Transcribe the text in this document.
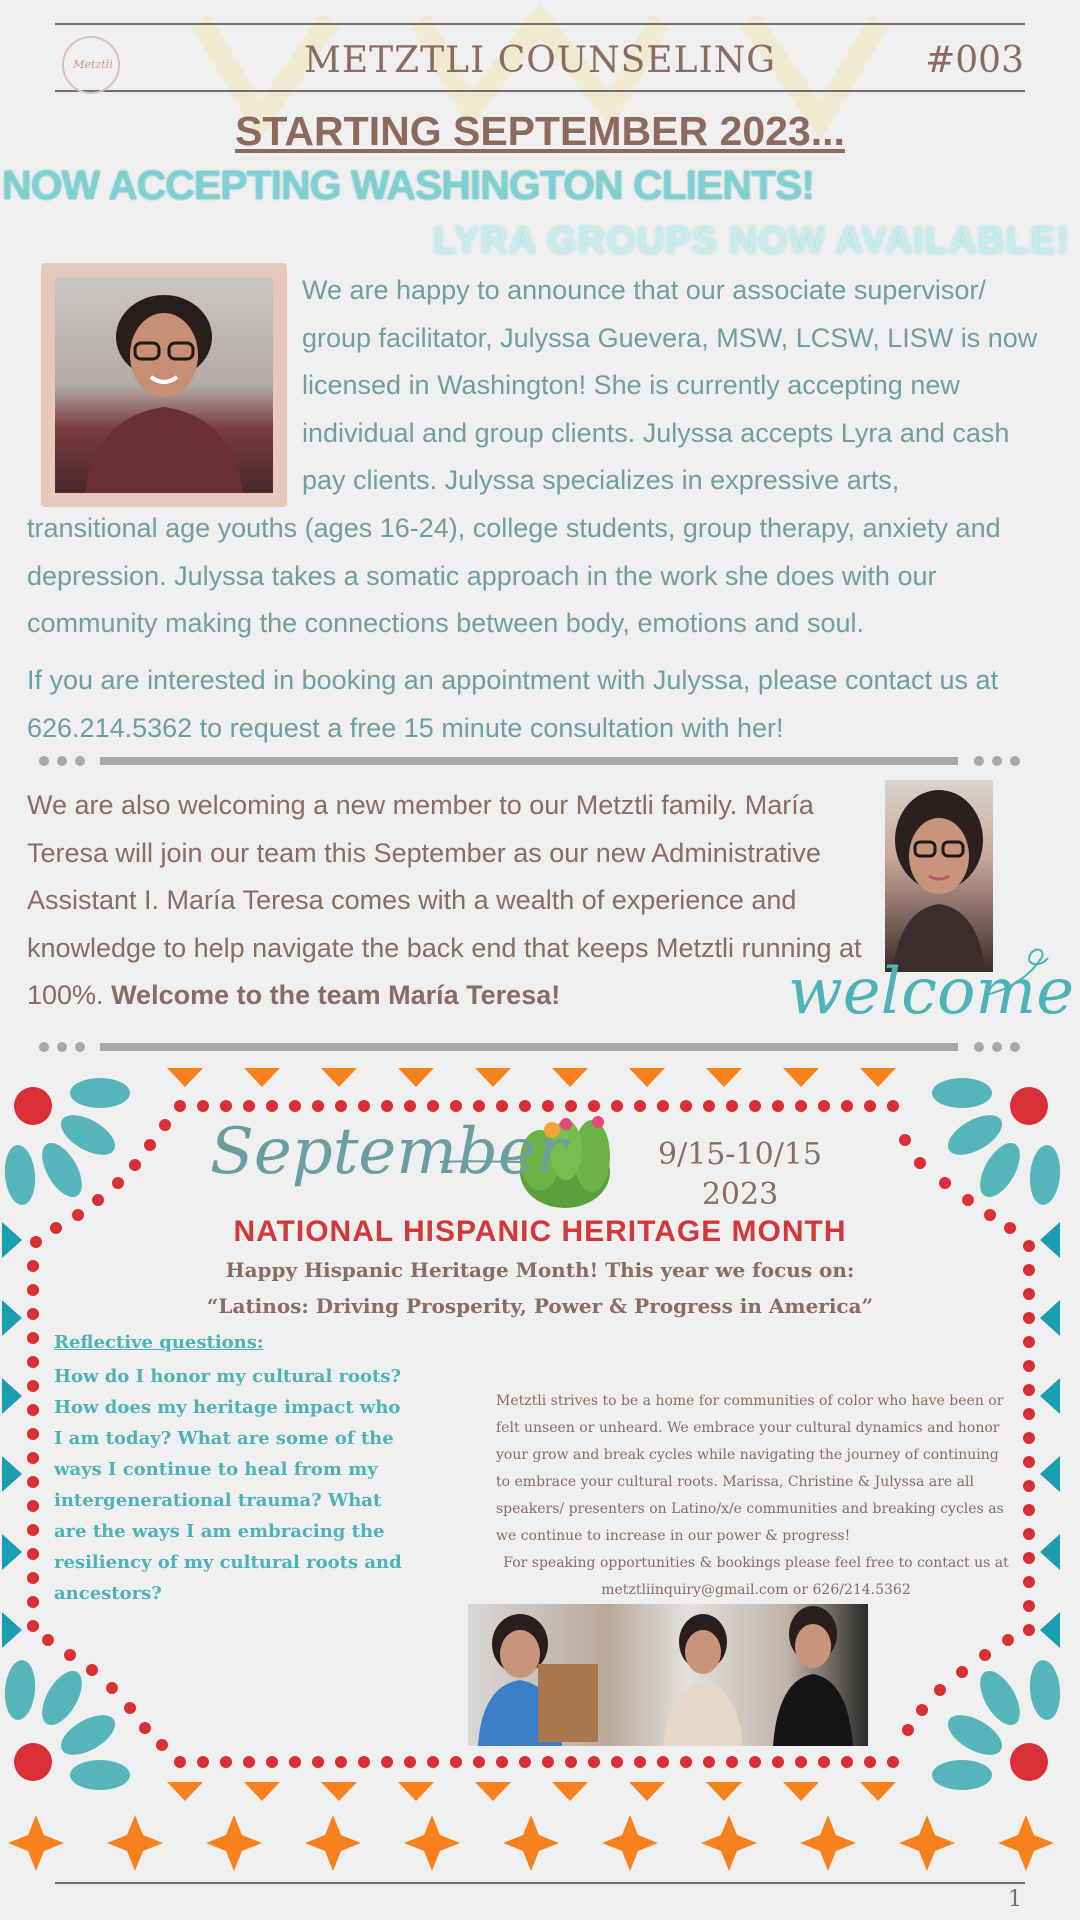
Metztli	METZTLI COUNSELING	#003
STARTING SEPTEMBER 2023...
NOW ACCEPTING WASHINGTON CLIENTS!
LYRA GROUPS NOW AVAILABLE!
We are happy to announce that our associate supervisor/ group facilitator, Julyssa Guevera, MSW, LCSW, LISW is now licensed in Washington! She is currently accepting new individual and group clients. Julyssa accepts Lyra and cash pay clients. Julyssa specializes in expressive arts,
transitional age youths (ages 16-24), college students, group therapy, anxiety and depression. Julyssa takes a somatic approach in the work she does with our community making the connections between body, emotions and soul.
If you are interested in booking an appointment with Julyssa, please contact us at 626.214.5362 to request a free 15 minute consultation with her!
We are also welcoming a new member to our Metztli family. María Teresa will join our team this September as our new Administrative Assistant I. María Teresa comes with a wealth of experience and knowledge to help navigate the back end that keeps Metztli running at 100%. Welcome to the team María Teresa!	welcome
September	9/15-10/15
2023
NATIONAL HISPANIC HERITAGE MONTH
Happy Hispanic Heritage Month! This year we focus on:
“Latinos: Driving Prosperity, Power & Progress in America”
Reflective questions:
How do I honor my cultural roots? How does my heritage impact who I am today? What are some of the ways I continue to heal from my intergenerational trauma? What are the ways I am embracing the resiliency of my cultural roots and ancestors?
Metztli strives to be a home for communities of color who have been or felt unseen or unheard. We embrace your cultural dynamics and honor your grow and break cycles while navigating the journey of continuing to embrace your cultural roots. Marissa, Christine & Julyssa are all speakers/ presenters on Latino/x/e communities and breaking cycles as we continue to increase in our power & progress!
For speaking opportunities & bookings please feel free to contact us at metztliinquiry@gmail.com or 626/214.5362
1
